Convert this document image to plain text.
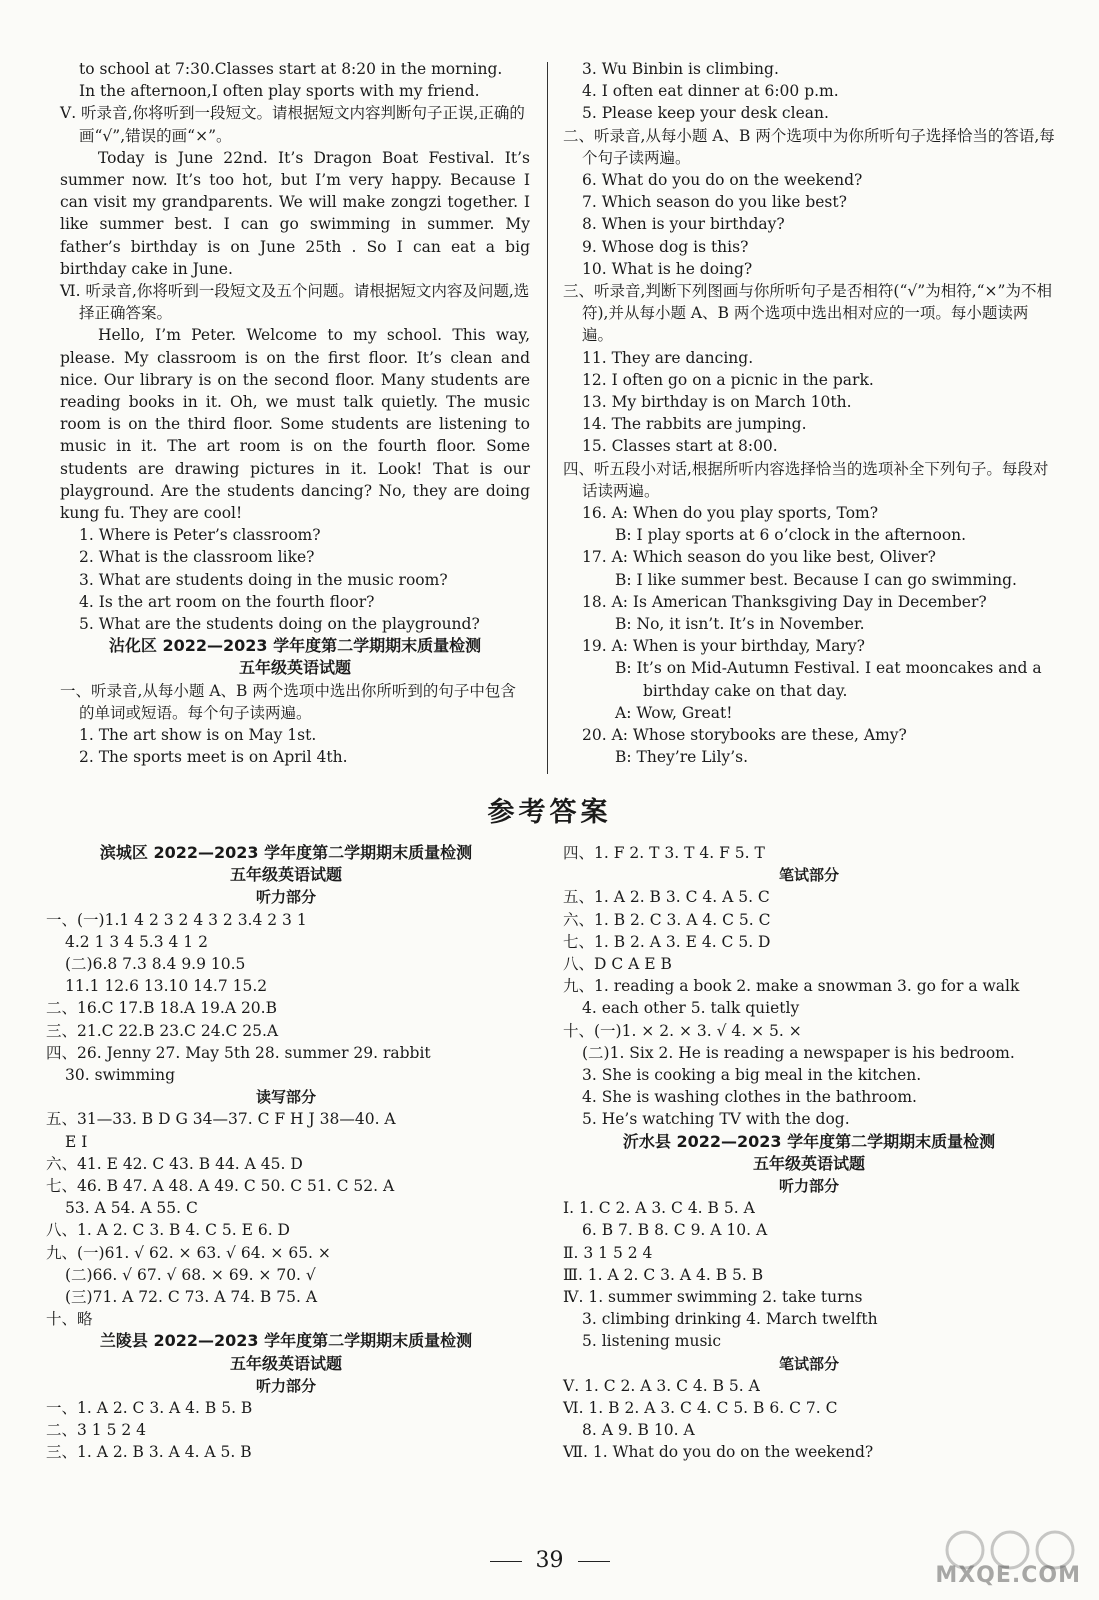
to school at 7:30.Classes start at 8:20 in the morning.

In the afternoon,I often play sports with my friend.

Ⅴ. 听录音,你将听到一段短文。请根据短文内容判断句子正误,正确的画“√”,错误的画“×”。

Today is June 22nd. It’s Dragon Boat Festival. It’s summer now. It’s too hot, but I’m very happy. Because I can visit my grandparents. We will make zongzi together. I like summer best. I can go swimming in summer. My father’s birthday is on June 25th . So I can eat a big birthday cake in June.

Ⅵ. 听录音,你将听到一段短文及五个问题。请根据短文内容及问题,选择正确答案。

Hello, I’m Peter. Welcome to my school. This way, please. My classroom is on the first floor. It’s clean and nice. Our library is on the second floor. Many students are reading books in it. Oh, we must talk quietly. The music room is on the third floor. Some students are listening to music in it. The art room is on the fourth floor. Some students are drawing pictures in it. Look! That is our playground. Are the students dancing? No, they are doing kung fu. They are cool!

1. Where is Peter’s classroom?

2. What is the classroom like?

3. What are students doing in the music room?

4. Is the art room on the fourth floor?

5. What are the students doing on the playground?

沾化区 2022—2023 学年度第二学期期末质量检测

五年级英语试题

一、听录音,从每小题 A、B 两个选项中选出你所听到的句子中包含的单词或短语。每个句子读两遍。

1. The art show is on May 1st.

2. The sports meet is on April 4th.

3. Wu Binbin is climbing.

4. I often eat dinner at 6:00 p.m.

5. Please keep your desk clean.

二、听录音,从每小题 A、B 两个选项中为你所听句子选择恰当的答语,每个句子读两遍。

6. What do you do on the weekend?

7. Which season do you like best?

8. When is your birthday?

9. Whose dog is this?

10. What is he doing?

三、听录音,判断下列图画与你所听句子是否相符(“√”为相符,“×”为不相符),并从每小题 A、B 两个选项中选出相对应的一项。每小题读两遍。

11. They are dancing.

12. I often go on a picnic in the park.

13. My birthday is on March 10th.

14. The rabbits are jumping.

15. Classes start at 8:00.

四、听五段小对话,根据所听内容选择恰当的选项补全下列句子。每段对话读两遍。

16. A: When do you play sports, Tom?

B: I play sports at 6 o’clock in the afternoon.

17. A: Which season do you like best, Oliver?

B: I like summer best. Because I can go swimming.

18. A: Is American Thanksgiving Day in December?

B: No, it isn’t. It’s in November.

19. A: When is your birthday, Mary?

B: It’s on Mid-Autumn Festival. I eat mooncakes and a birthday cake on that day.

A: Wow, Great!

20. A: Whose storybooks are these, Amy?

B: They’re Lily’s.

参考答案

滨城区 2022—2023 学年度第二学期期末质量检测

五年级英语试题

听力部分

一、(一)1.1 4 2 3 2 4 3 2 3.4 2 3 1

4.2 1 3 4 5.3 4 1 2

(二)6.8 7.3 8.4 9.9 10.5

11.1 12.6 13.10 14.7 15.2

二、16.C 17.B 18.A 19.A 20.B

三、21.C 22.B 23.C 24.C 25.A

四、26. Jenny 27. May 5th 28. summer 29. rabbit

30. swimming

读写部分

五、31—33. B D G 34—37. C F H J 38—40. A

E I

六、41. E 42. C 43. B 44. A 45. D

七、46. B 47. A 48. A 49. C 50. C 51. C 52. A

53. A 54. A 55. C

八、1. A 2. C 3. B 4. C 5. E 6. D

九、(一)61. √ 62. × 63. √ 64. × 65. ×

(二)66. √ 67. √ 68. × 69. × 70. √

(三)71. A 72. C 73. A 74. B 75. A

十、略

兰陵县 2022—2023 学年度第二学期期末质量检测

五年级英语试题

听力部分

一、1. A 2. C 3. A 4. B 5. B

二、3 1 5 2 4

三、1. A 2. B 3. A 4. A 5. B

四、1. F 2. T 3. T 4. F 5. T

笔试部分

五、1. A 2. B 3. C 4. A 5. C

六、1. B 2. C 3. A 4. C 5. C

七、1. B 2. A 3. E 4. C 5. D

八、D C A E B

九、1. reading a book 2. make a snowman 3. go for a walk

4. each other 5. talk quietly

十、(一)1. × 2. × 3. √ 4. × 5. ×

(二)1. Six 2. He is reading a newspaper is his bedroom.

3. She is cooking a big meal in the kitchen.

4. She is washing clothes in the bathroom.

5. He’s watching TV with the dog.

沂水县 2022—2023 学年度第二学期期末质量检测

五年级英语试题

听力部分

Ⅰ. 1. C 2. A 3. C 4. B 5. A

6. B 7. B 8. C 9. A 10. A

Ⅱ. 3 1 5 2 4

Ⅲ. 1. A 2. C 3. A 4. B 5. B

Ⅳ. 1. summer swimming 2. take turns

3. climbing drinking 4. March twelfth

5. listening music

笔试部分

Ⅴ. 1. C 2. A 3. C 4. B 5. A

Ⅵ. 1. B 2. A 3. C 4. C 5. B 6. C 7. C

8. A 9. B 10. A

Ⅶ. 1. What do you do on the weekend?

39
MXQE.COM
